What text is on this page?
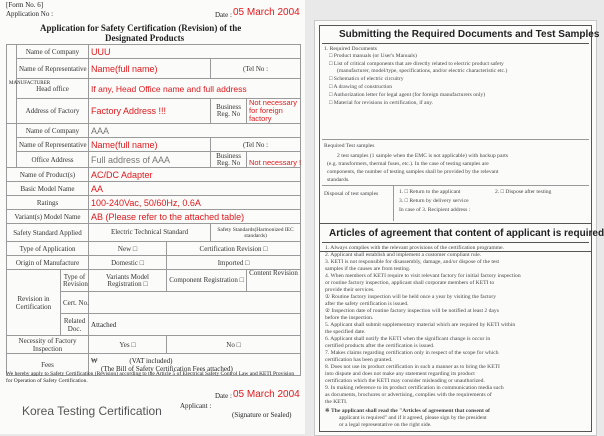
[Form No. 6]
Application No :	Date : 05 March 2004
Application for Safety Certification (Revision) of the
Designated Products
MANUFACTURER	Name of Company		UUU				
	Name of Representative		Name(full name)		(Tel No :	
	Head office		If any, Head Office name and full address				
	Address of Factory		Factory Address !!!		Business Reg. No	Not necessary
for foreign factory	
	Name of Company		AAA				
	Name of Representative		Name(full name)		(Tel No :	
	Office Address		Full address of AAA		Business Reg. No	Not necessary !	
Name of Product(s)			AC/DC Adapter				
Basic Model Name			AA				
Ratings			100-240Vac, 50/60Hz, 0.6A				
Variant(s) Model Name			AB (Please refer to the attached table)				
Safety Standard Applied			Electric Technical Standard		Safety Standards(Harmonized IEC standards)		
Type of Application			New □	Certification Revision □			
Origin of Manufacture			Domestic □	Imported □			
Revision in Certification		Type of Revision	Variants Model Registration □	Component Registration □		Content Revision	
		Cert. No.					
		Related Doc.	Attached				
Necessity of Factory Inspection			Yes □	No □			
Fees			₩ (VAT included)
(The Bill of Safety Certification Fees attached)				
We hereby apply to Safety Certification (Revision) according to the Article 5 of Electrical Safety Control Law and KETI Provision for Operation of Safety Certification.
Date : 05 March 2004
Applicant :
(Signature or Sealed)
Korea Testing Certification
Submitting the Required Documents and Test Samples
1. Required Documents
□ Product manuals (or User's Manuals)
□ List of critical components that are directly related to electric product safety
(manufacturer, model/type, specifications, and/or electric characteristic etc.)
□ Schematics of electric circuitry
□ A drawing of construction
□ Authorization letter for legal agent (for foreign manufacturers only)
□ Material for revisions in certification, if any.
Required Test samples
2 test samples (1 sample when the EMC is not applicable) with backup parts
(e.g. transformers, thermal fuses, etc.). In the case of testing samples are
components, the number of testing samples shall be provided by the relevant
standards.
Disposal of test samples	1. □ Return to the applicant	2. □ Dispose after testing
3. □ Return by delivery service
In case of 3. Recipient address :
Articles of agreement that content of applicant is required
1. Always complies with the relevant provisions of the certification programme.
2. Applicant shall establish and implement a customer compliant rule.
3. KETI is not responsible for disassembly, damage, and/or dispose of the test
samples if the causes are from testing.
4. When members of KETI require to visit relevant factory for initial factory inspection
or routine factory inspection, applicant shall corporate members of KETI to
provide their services.
① Routine factory inspection will be held once a year by visiting the factory
after the safety certification is issued.
② Inspection date of routine factory inspection will be notified at least 2 days
before the inspection.
5. Applicant shall submit supplementary material which are required by KETI within
the specified date.
6. Applicant shall notify the KETI when the significant change is occur in
certified products after the certification is issued.
7. Makes claims regarding certification only in respect of the scope for which
certification has been granted.
8. Does not use its product certification in such a manner as to bring the KETI
into dispute and does not make any statement regarding its product
certification which the KETI may consider misleading or unauthorized.
9. In making reference to its product certification in communication media such
as documents, brochures or advertising, complies with the requirements of
the KETI.
※ The applicant shall read the "Articles of agreement that consent of
applicant is required" and if it agreed, please sign by the president
or a legal representative on the right side.
